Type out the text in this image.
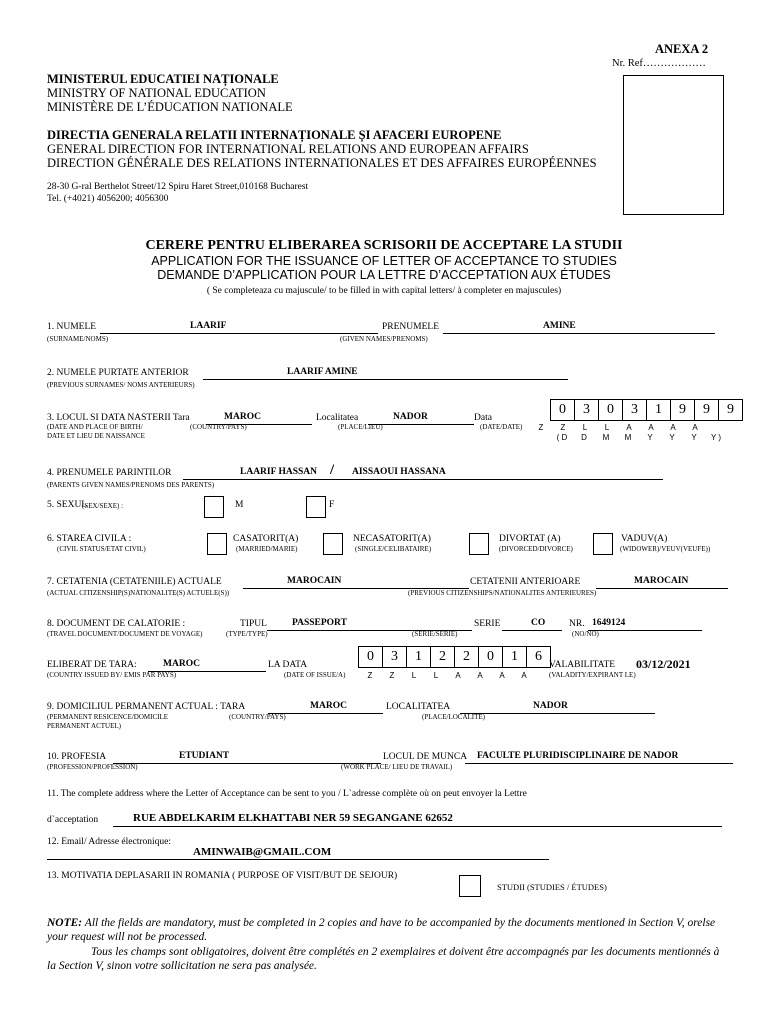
ANEXA 2
Nr. Ref………………
MINISTERUL EDUCATIEI NAȚIONALE
MINISTRY OF NATIONAL EDUCATION
MINISTÈRE DE L’ÉDUCATION NATIONALE
DIRECTIA GENERALA RELATII INTERNAȚIONALE ȘI AFACERI EUROPENE
GENERAL DIRECTION FOR INTERNATIONAL RELATIONS AND EUROPEAN AFFAIRS
DIRECTION GÉNÉRALE DES RELATIONS INTERNATIONALES ET DES AFFAIRES EUROPÉENNES
28-30 G-ral Berthelot Street/12 Spiru Haret Street,010168 Bucharest
Tel. (+4021) 4056200; 4056300
CERERE PENTRU ELIBERAREA SCRISORII DE ACCEPTARE LA STUDII
APPLICATION FOR THE ISSUANCE OF LETTER OF ACCEPTANCE TO STUDIES
DEMANDE D’APPLICATION POUR LA LETTRE D’ACCEPTATION AUX ÉTUDES
( Se completeaza cu majuscule/ to be filled in with capital letters/ à completer en majuscules)
1. NUMELE	LAARIF
(SURNAME/NOMS)
PRENUMELE	AMINE
(GIVEN NAMES/PRENOMS)
2. NUMELE PURTATE ANTERIOR	LAARIF AMINE
(PREVIOUS SURNAMES/ NOMS ANTERIEURS)
3. LOCUL SI DATA NASTERII Tara	MAROC	Localitatea	NADOR	Data
(DATE AND PLACE OF BIRTH/
DATE ET LIEU DE NAISSANCE
(COUNTRY/PAYS)	(PLACE/LIEU)	(DATE/DATE)
0	3	0	3	1	9	9	9
Z	Z	L	L	A	A	A	A
( D	D	M	M	Y	Y	Y	Y )
4. PRENUMELE PARINTILOR	LAARIF HASSAN / AISSAOUI HASSANA
(PARENTS GIVEN NAMES/PRENOMS DES PARENTS)
5. SEXUL
(SEX/SEXE) :	M	F
6. STAREA CIVILA :
(CIVIL STATUS/ETAT CIVIL)
CASATORIT(A)
(MARRIED/MARIE)
NECASATORIT(A)
(SINGLE/CELIBATAIRE)
DIVORTAT (A)
(DIVORCED/DIVORCE)
VADUV(A)
(WIDOWER)/VEUV(VEUFE))
7. CETATENIA (CETATENIILE) ACTUALE	MAROCAIN
(ACTUAL CITIZENSHIP(S)NATIONALITE(S) ACTUELE(S))
CETATENII ANTERIOARE	MAROCAIN
(PREVIOUS CITIZENSHIPS/NATIONALITES ANTERIEURES)
8. DOCUMENT DE CALATORIE :
(TRAVEL DOCUMENT/DOCUMENT DE VOYAGE)
TIPUL	PASSEPORT
(TYPE/TYPE)
SERIE	CO
(SERIE/SERIE)
NR. 1649124
(NO/NO)
ELIBERAT DE TARA:	MAROC	LA DATA
(COUNTRY ISSUED BY/ EMIS PAR PAYS)	(DATE OF ISSUE/A)
0	3	1	2	2	0	1	6
Z	Z	L	L	A	A	A	A
VALABILITATE 03/12/2021
(VALADITY/EXPIRANT LE)
9. DOMICILIUL PERMANENT ACTUAL : TARA	MAROC	LOCALITATEA	NADOR
(PERMANENT RESICENCE/DOMICILE
PERMANENT ACTUEL)
(COUNTRY/PAYS)	(PLACE/LOCALITE)
10. PROFESIA	ETUDIANT
(PROFESSION/PROFESSION)
LOCUL DE MUNCA FACULTE PLURIDISCIPLINAIRE DE NADOR
(WORK PLACE/ LIEU DE TRAVAIL)
11. The complete address where the Letter of Acceptance can be sent to you / L`adresse complète où on peut envoyer la Lettre
d`acceptation	RUE ABDELKARIM ELKHATTABI NER 59 SEGANGANE 62652
12. Email/ Adresse électronique:
AMINWAIB@GMAIL.COM
13. MOTIVATIA DEPLASARII IN ROMANIA ( PURPOSE OF VISIT/BUT DE SEJOUR)
STUDII (STUDIES / ÉTUDES)
NOTE: All the fields are mandatory, must be completed in 2 copies and have to be accompanied by the documents mentioned in Section V, orelse your request will not be processed.
Tous les champs sont obligatoires, doivent être complétés en 2 exemplaires et doivent être accompagnés par les documents mentionnés à la Section V, sinon votre sollicitation ne sera pas analysée.
